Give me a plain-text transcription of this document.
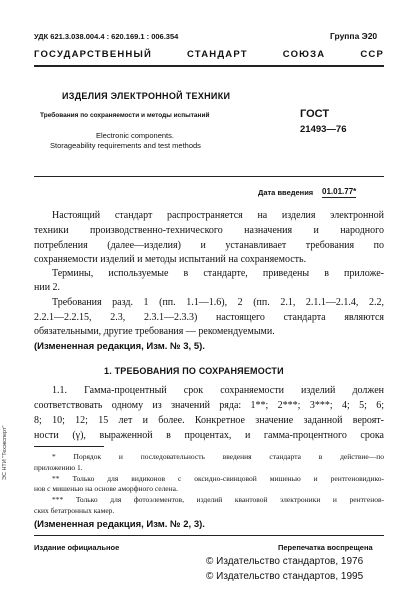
УДК 621.3.038.004.4 : 620.169.1 : 006.354	Группа Э20
ГОСУДАРСТВЕННЫЙ СТАНДАРТ СОЮЗА ССР
ИЗДЕЛИЯ ЭЛЕКТРОННОЙ ТЕХНИКИ
Требования по сохраняемости и методы испытаний
Electronic components.
Storageability requirements and test methods
ГОСТ
21493—76
Дата введения 01.01.77*
Настоящий стандарт распространяется на изделия электронной
техники производственно-технического назначения и народного
потребления (далее—изделия) и устанавливает требования по
сохраняемости изделий и методы испытаний на сохраняемость.
Термины, используемые в стандарте, приведены в приложе-
нии 2.
Требования разд. 1 (пп. 1.1—1.6), 2 (пп. 2.1, 2.1.1—2.1.4, 2.2,
2.2.1—2.2.15, 2.3, 2.3.1—2.3.3) настоящего стандарта являются
обязательными, другие требования — рекомендуемыми.
(Измененная редакция, Изм. № 3, 5).
1. ТРЕБОВАНИЯ ПО СОХРАНЯЕМОСТИ
1.1. Гамма-процентный срок сохраняемости изделий должен
соответствовать одному из значений ряда: 1**; 2***; 3***; 4; 5; 6;
8; 10; 12; 15 лет и более. Конкретное значение заданной вероят-
ности (γ), выраженной в процентах, и гамма-процентного срока
* Порядок и последовательность введения стандарта в действие—по
приложению 1.
** Только для видиконов с оксидно-свинцовой мишенью и рентгеновидико-
нов с мишенью на основе аморфного селена.
*** Только для фотоэлементов, изделий квантовой электроники и рентгенов-
ских бетатронных камер.
(Измененная редакция, Изм. № 2, 3).
Издание официальное	Перепечатка воспрещена
© Издательство стандартов, 1976
© Издательство стандартов, 1995
ЭС НТИ "Техэксперт"
